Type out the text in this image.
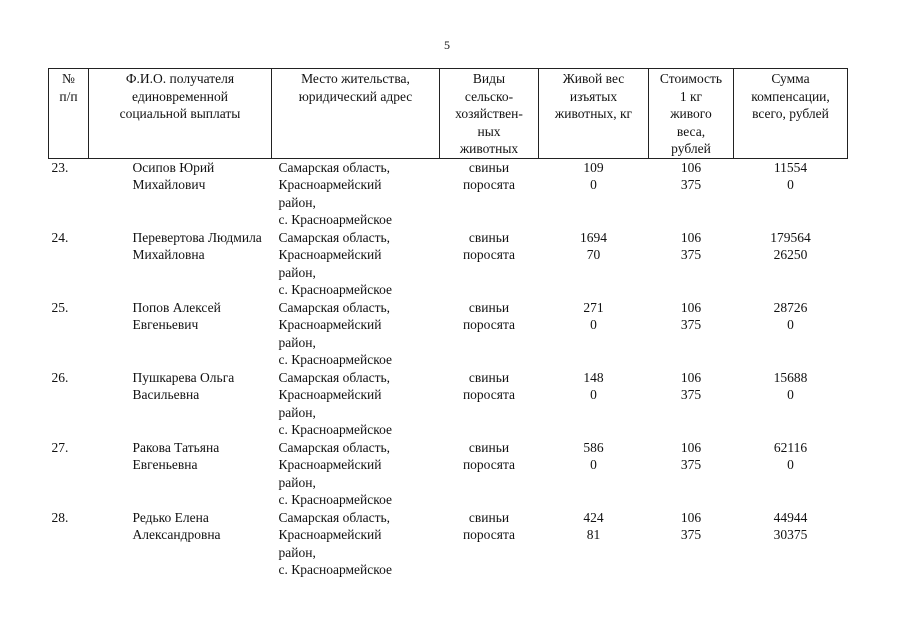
5
№
п/п	Ф.И.О. получателя
единовременной
социальной выплаты	Место жительства,
юридический адрес	Виды
сельско-
хозяйствен-
ных
животных	Живой вес
изъятых
животных, кг	Стоимость
1 кг
живого
веса,
рублей	Сумма
компенсации,
всего, рублей

23.	Осипов Юрий
Михайлович	Самарская область,
Красноармейский
район,
с. Красноармейское	свиньи
поросята	109
0	106
375	11554
0

24.	Перевертова Людмила
Михайловна	Самарская область,
Красноармейский
район,
с. Красноармейское	свиньи
поросята	1694
70	106
375	179564
26250

25.	Попов Алексей
Евгеньевич	Самарская область,
Красноармейский
район,
с. Красноармейское	свиньи
поросята	271
0	106
375	28726
0

26.	Пушкарева Ольга
Васильевна	Самарская область,
Красноармейский
район,
с. Красноармейское	свиньи
поросята	148
0	106
375	15688
0

27.	Ракова Татьяна
Евгеньевна	Самарская область,
Красноармейский
район,
с. Красноармейское	свиньи
поросята	586
0	106
375	62116
0

28.	Редько Елена
Александровна	Самарская область,
Красноармейский
район,
с. Красноармейское	свиньи
поросята	424
81	106
375	44944
30375
